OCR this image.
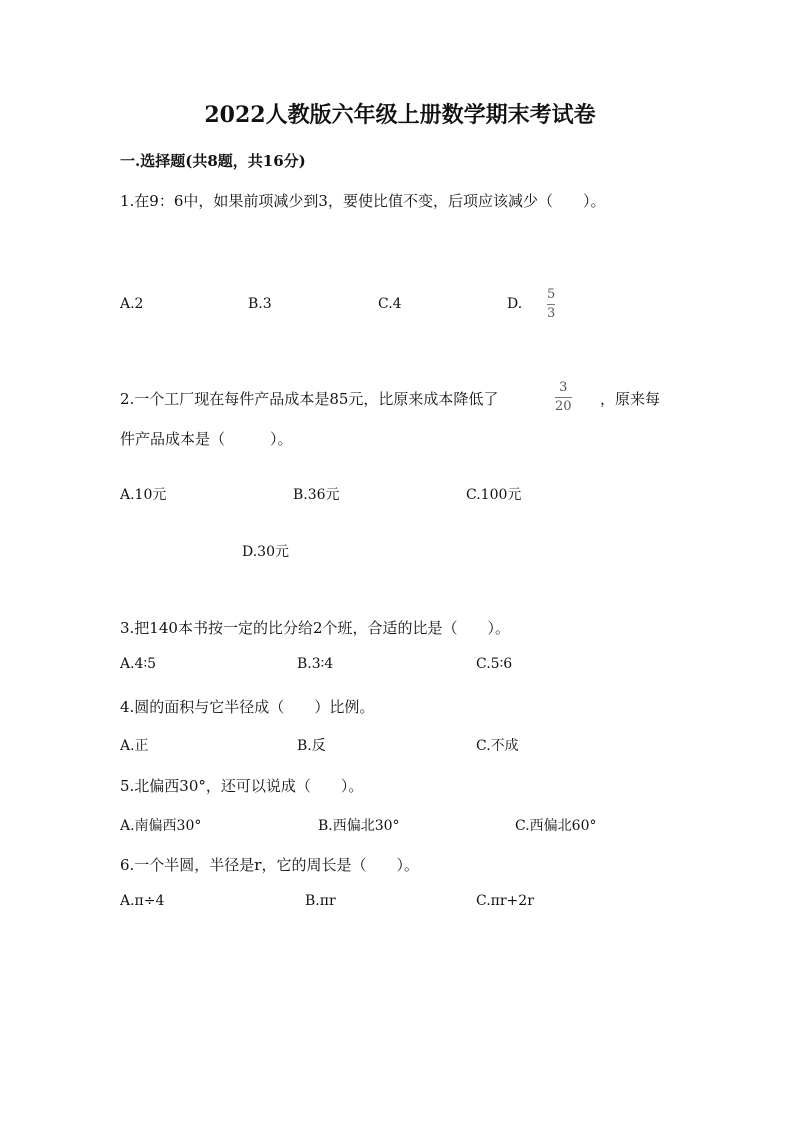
2022人教版六年级上册数学期末考试卷
一.选择题(共8题，共16分)
1.在9：6中，如果前项减少到3，要使比值不变，后项应该减少（　　）。
A.2	B.3	C.4	D.
5
3
2.一个工厂现在每件产品成本是85元，比原来成本降低了
3
20 ，原来每
件产品成本是（　　　）。
A.10元	B.36元	C.100元
D.30元
3.把140本书按一定的比分给2个班，合适的比是（　　）。
A.4∶5	B.3∶4	C.5∶6
4.圆的面积与它半径成（　　）比例。
A.正	B.反	C.不成
5.北偏西30°，还可以说成（　　）。
A.南偏西30°	B.西偏北30°	C.西偏北60°
6.一个半圆，半径是r，它的周长是（　　）。
A.π÷4	B.πr	C.πr+2r
